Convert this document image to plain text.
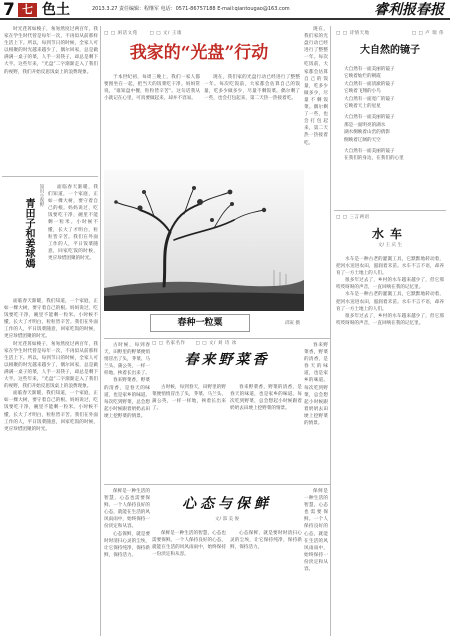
7 七 色土	2013.3.27 责任编辑：程继军 电话：0571-86757188 E-mail:qiantougao@163.com	睿利报春报

时光荏苒如梭子，匆匆然度过两百年，我家在学生时代曾是每年一次，不再似从前那样生活上下。所以，每到节日的时候，全家人可以相聚的时光越来越少了，偶尔回家，总是做满满一桌子的菜，人手一双筷子，却总是剩下大半。这些年来，“光盘”二字渐渐走入了我们的视野，我们开始反思饭桌上的浪费现象。

知识小视野
青田子和姜球嫣

面临春天渐暖，我们知道，一个家庭，正如一棵大树，要守着自己的根。妈妈说过，吃饭要吃干净，碗里不能剩一粒米。小时候不懂，长大了才明白，粒粒皆辛苦。我们在外面工作的人，平日饭菜随意，回家吃饭的时候，更应珍惜团聚的时光。

面临春天渐暖，我们知道，一个家庭，正如一棵大树，要守着自己的根。妈妈说过，吃饭要吃干净，碗里不能剩一粒米。小时候不懂，长大了才明白，粒粒皆辛苦。我们在外面工作的人，平日饭菜随意，回家吃饭的时候，更应珍惜团聚的时光。

时光荏苒如梭子，匆匆然度过两百年，我家在学生时代曾是每年一次，不再似从前那样生活上下。所以，每到节日的时候，全家人可以相聚的时光越来越少了，偶尔回家，总是做满满一桌子的菜，人手一双筷子，却总是剩下大半。这些年来，“光盘”二字渐渐走入了我们的视野，我们开始反思饭桌上的浪费现象。

面临春天渐暖，我们知道，一个家庭，正如一棵大树，要守着自己的根。妈妈说过，吃饭要吃干净，碗里不能剩一粒米。小时候不懂，长大了才明白，粒粒皆辛苦。我们在外面工作的人，平日饭菜随意，回家吃饭的时候，更应珍惜团聚的时光。

□ □ 闲话文苑	□ □ 文/ 王康
我家的“光盘”行动

于本世纪初，每周三晚上，我们一家人都要围坐在一起，把当天的饭菜吃干净。妈妈常说，“谁知盘中餐，粒粒皆辛苦”。这句话我从小就记在心里，可真要做起来，却并不容易。

现在，我们家的光盘行动已经进行了整整一年。每次吃饭前，大家都会估算自己的饭量，吃多少做多少，尽量不剩饭菜。偶尔剩了一些，也会打包起来，第二天热一热接着吃。

现在，我们家的光盘行动已经进行了整整一年。每次吃饭前，大家都会估算自己的饭量，吃多少做多少，尽量不剩饭菜。偶尔剩了一些，也会打包起来，第二天热一热接着吃。

春种一粒粟	邱寅 摄

古时候，每到春天，田野里的野菜便悄悄冒出了头，荠菜、马兰头、蒲公英，一样一样地，挨着长出来了。

春来野菜香，野菜的清香，是春天的味道，也是家乡的味道。每次吃到野菜，总会想起小时候跟着奶奶去田埂上挖野菜的情景。

□ □ 名家名作	□ □ 文/ 刘 诗 冰
春来野菜香

古时候，每到春天，田野里的野菜便悄悄冒出了头，荠菜、马兰头、蒲公英，一样一样地，挨着长出来了。

春来野菜香，野菜的清香，是春天的味道，也是家乡的味道。每次吃到野菜，总会想起小时候跟着奶奶去田埂上挖野菜的情景。

春来野菜香，野菜的清香，是春天的味道，也是家乡的味道。每次吃到野菜，总会想起小时候跟着奶奶去田埂上挖野菜的情景。

保鲜是一种生活的智慧，心态也需要保鲜。一个人保持良好的心态，就能在生活的风风雨雨中，始终保持一份淡定和从容。

心态保鲜，就是要时时清扫心灵的尘埃，让它保持纯净，保持新鲜，保持活力。

心态与保鲜
文/ 邵 美 俊

保鲜是一种生活的智慧，心态也需要保鲜。一个人保持良好的心态，就能在生活的风风雨雨中，始终保持一份淡定和从容。

心态保鲜，就是要时时清扫心灵的尘埃，让它保持纯净，保持新鲜，保持活力。

保鲜是一种生活的智慧，心态也需要保鲜。一个人保持良好的心态，就能在生活的风风雨雨中，始终保持一份淡定和从容。

□ □ 诗情天地	□ □ 卢 瑞 伟
大自然的镜子
大自然有一面美丽的镜子
它映着灿烂的朝霞
大自然有一面清澈的镜子
它映着飞翔的小鸟
大自然有一面宽广的镜子
它映着天上的星星
大自然有一面美丽的镜子
那是一面明亮的湖水
湖水倒映着山峦的倩影
倒映着辽阔的天空
大自然有一面美丽的镜子
在我们的身边，在我们的心里
□ □ 三言两语
水车
文/ 王 庆 生

水车是一种古老的灌溉工具，它默默地转动着，把河水送进农田，滋润着禾苗。水车不言不语，却养育了一方土地上的人们。

很多年过去了，乡村的水车越来越少了，但它那吱吱呀呀的声音，一直回响在我的记忆里。

水车是一种古老的灌溉工具，它默默地转动着，把河水送进农田，滋润着禾苗。水车不言不语，却养育了一方土地上的人们。

很多年过去了，乡村的水车越来越少了，但它那吱吱呀呀的声音，一直回响在我的记忆里。
